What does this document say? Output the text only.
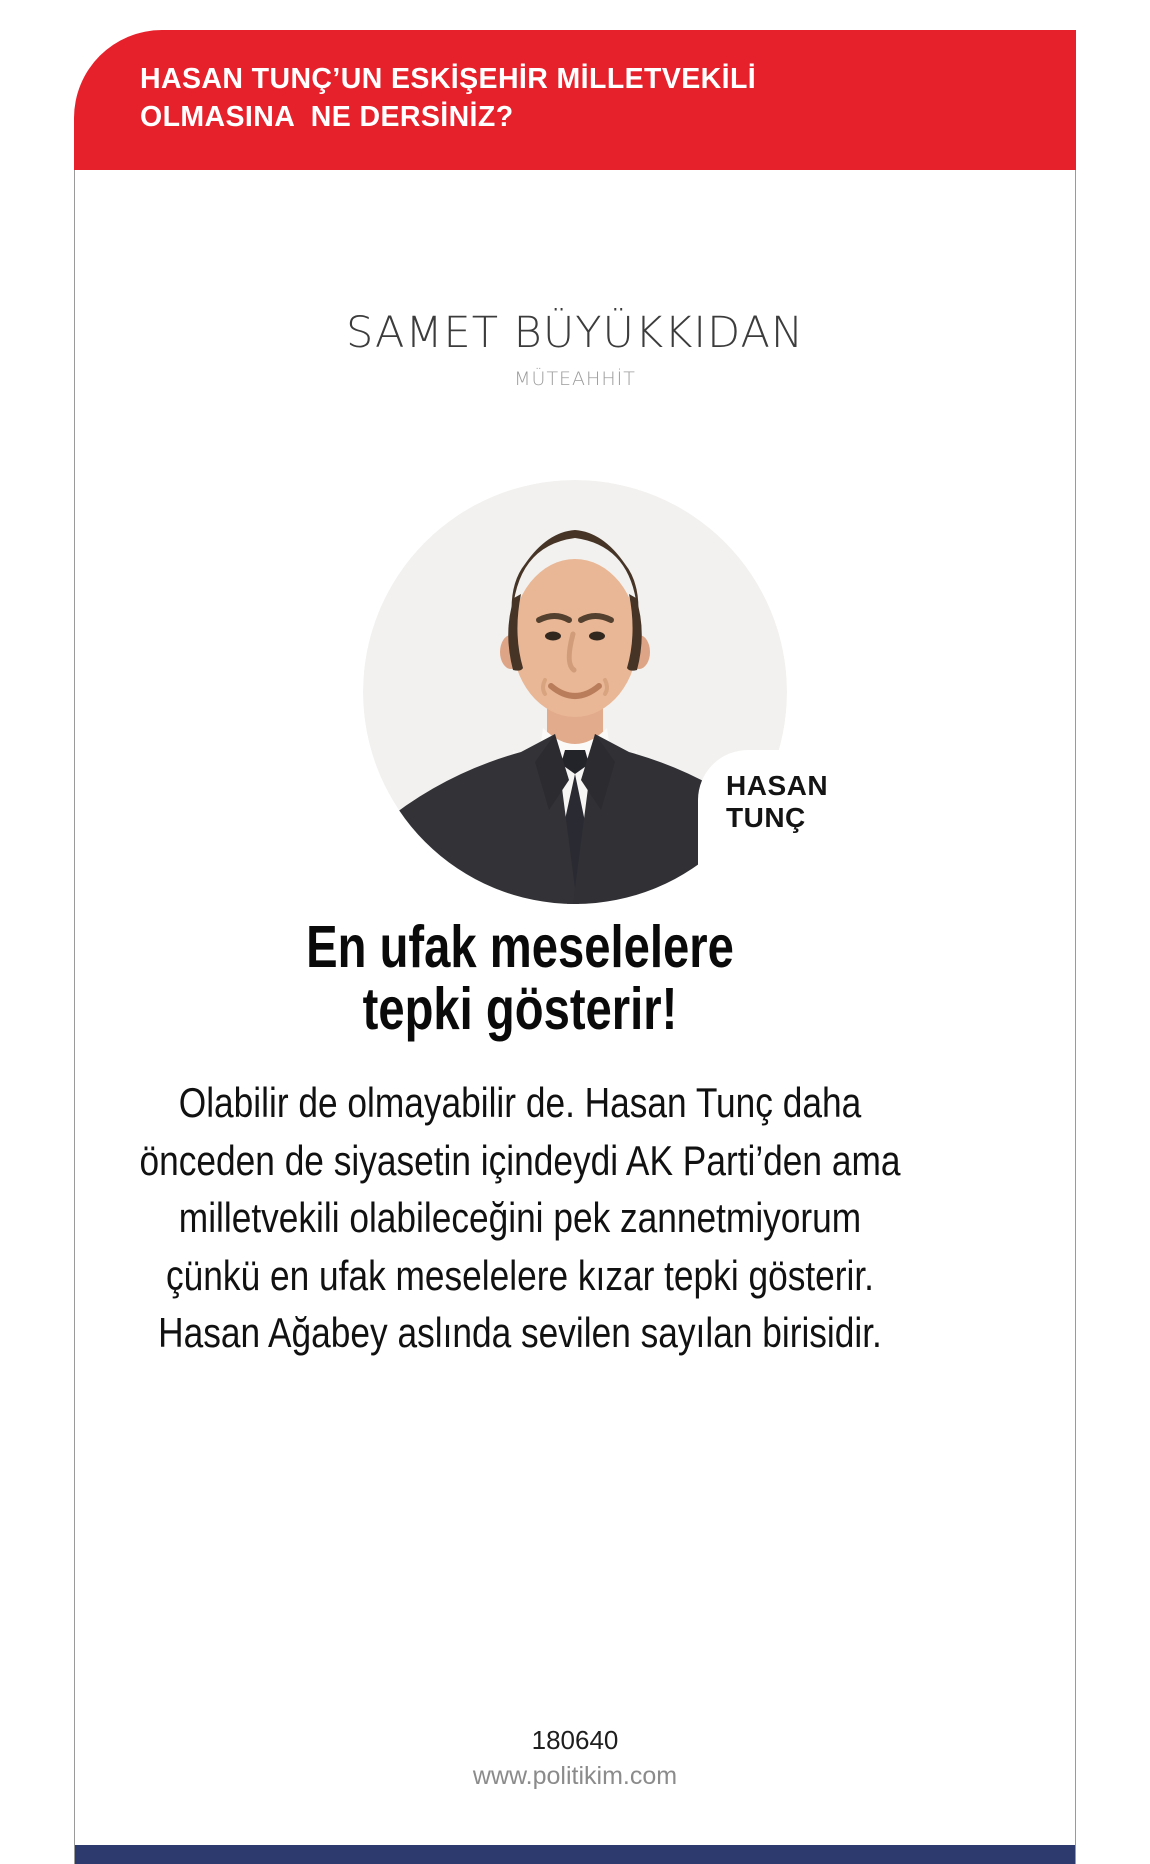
HASAN TUNÇ’UN ESKİŞEHİR MİLLETVEKİLİ
OLMASINA  NE DERSİNİZ?
SAMET BÜYÜKKIDAN
MÜTEAHHİT
HASAN
TUNÇ
En ufak meselelere
tepki gösterir!
Olabilir de olmayabilir de. Hasan Tunç daha
önceden de siyasetin içindeydi AK Parti’den ama
milletvekili olabileceğini pek zannetmiyorum
çünkü en ufak meselelere kızar tepki gösterir.
Hasan Ağabey aslında sevilen sayılan birisidir.
180640
www.politikim.com
